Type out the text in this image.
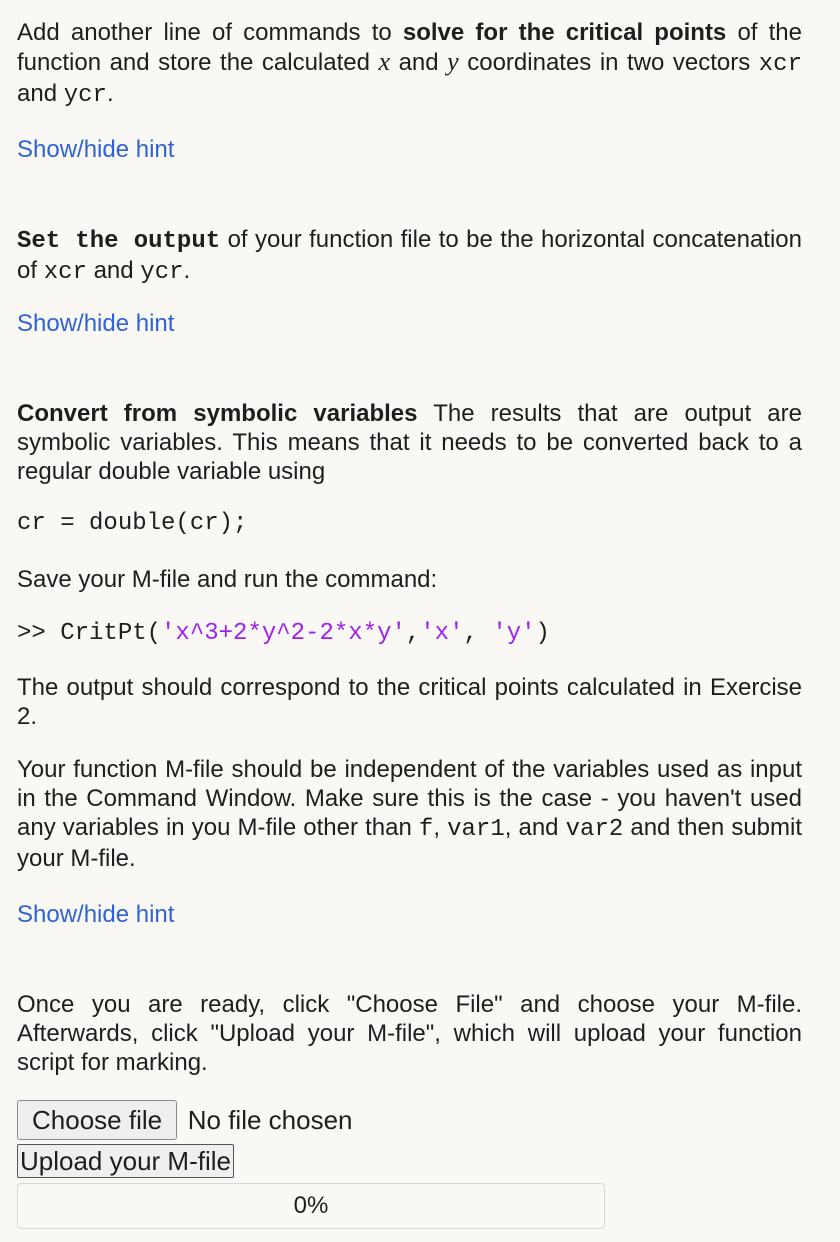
Add another line of commands to solve for the critical points of the function and store the calculated x and y coordinates in two vectors xcr and ycr.

Show/hide hint

Set the output of your function file to be the horizontal concatenation of xcr and ycr.

Show/hide hint

Convert from symbolic variables The results that are output are symbolic variables. This means that it needs to be converted back to a regular double variable using

cr = double(cr);

Save your M-file and run the command:

>> CritPt('x^3+2*y^2-2*x*y','x', 'y')

The output should correspond to the critical points calculated in Exercise 2.

Your function M-file should be independent of the variables used as input in the Command Window. Make sure this is the case - you haven't used any variables in you M-file other than f, var1, and var2 and then submit your M-file.

Show/hide hint

Once you are ready, click "Choose File" and choose your M-file. Afterwards, click "Upload your M-file", which will upload your function script for marking.

Choose file No file chosen
Upload your M-file
0%
